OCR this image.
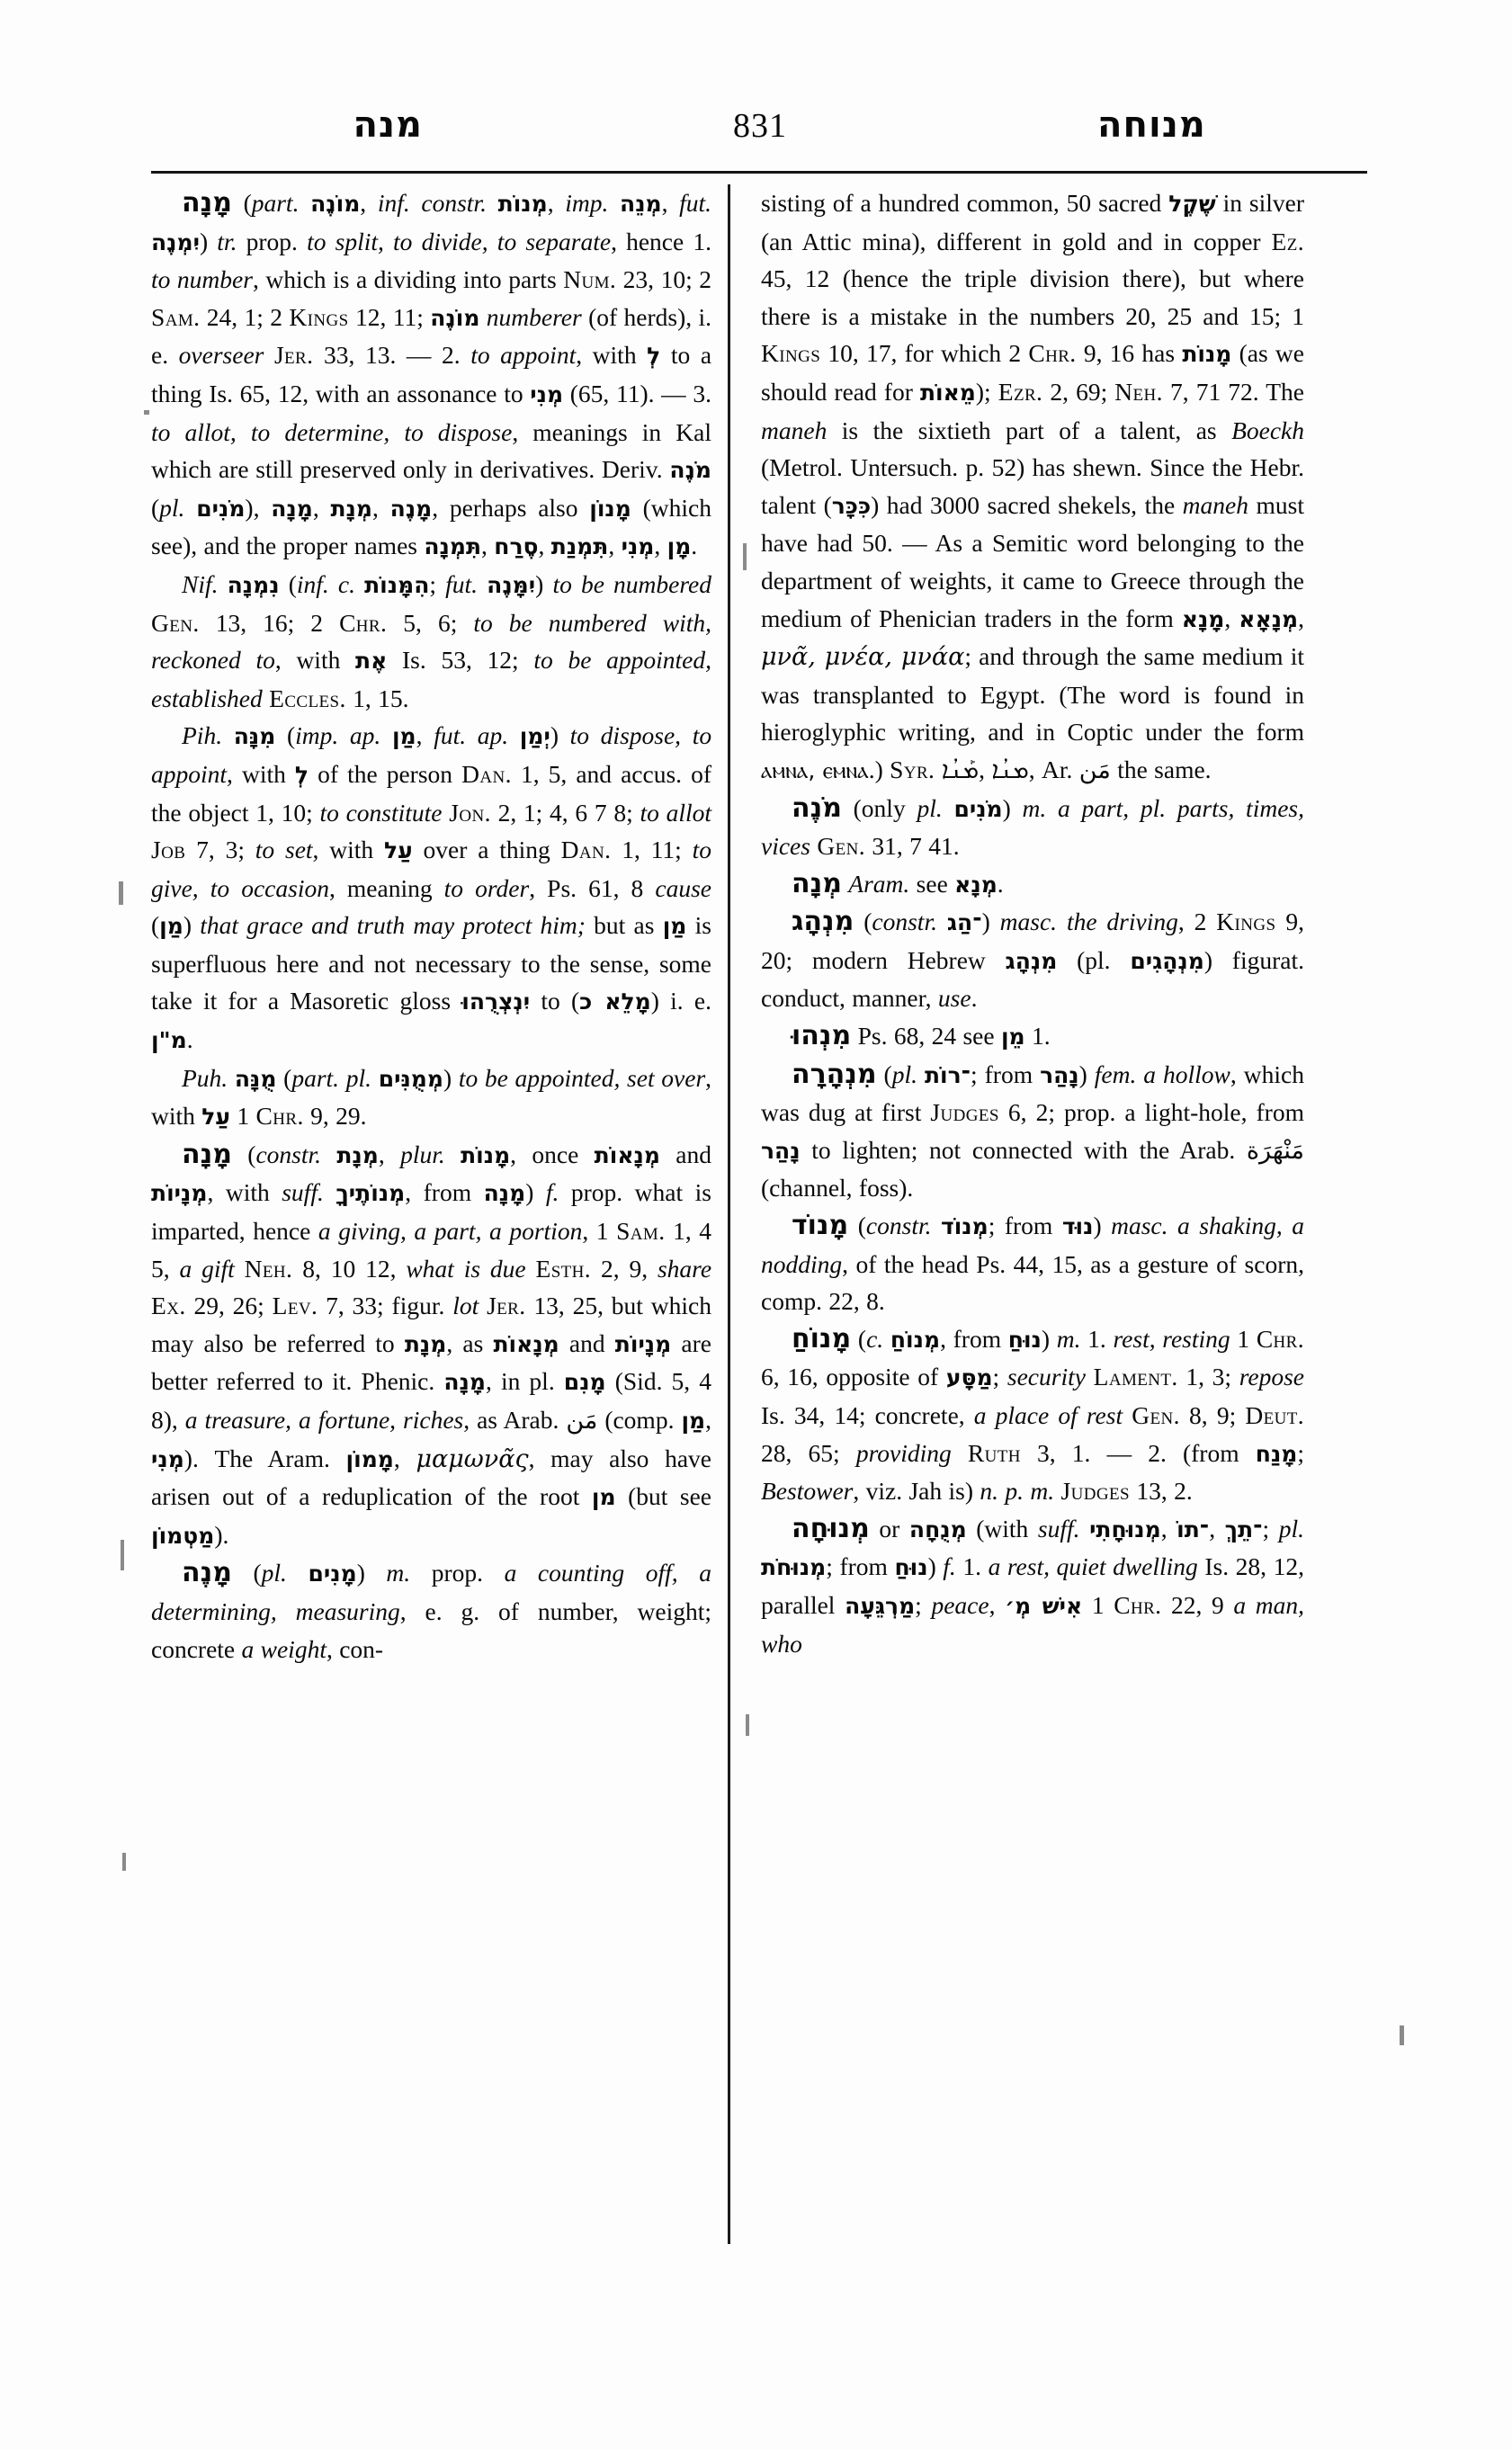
מנה	831	מנוחה

מָנָה (part. מוֹנֶה, inf. constr. מְנוֹת, imp. מְנֵה, fut. יִמְנֶה) tr. prop. to split, to divide, to separate, hence 1. to number, which is a dividing into parts Num. 23, 10; 2 Sam. 24, 1; 2 Kings 12, 11; מוֹנֶה numberer (of herds), i. e. overseer Jer. 33, 13. — 2. to appoint, with לְ to a thing Is. 65, 12, with an assonance to מְנִי (65, 11). — 3. to allot, to determine, to dispose, meanings in Kal which are still preserved only in derivatives. Deriv. מֹנֶה (pl. מֹנִים), מָנָה, מְנָת, מָנֶה, perhaps also מָנוֹן (which see), and the proper names תִּמְנָה, סֶרַח, תִּמְנַת, מְנִי, מָן.

Nif. נִמְנָה (inf. c. הִמָּנוֹת; fut. יִמָּנֶה) to be numbered Gen. 13, 16; 2 Chr. 5, 6; to be numbered with, reckoned to, with אֶת Is. 53, 12; to be appointed, established Eccles. 1, 15.

Pih. מִנָּה (imp. ap. מַן, fut. ap. יְמַן) to dispose, to appoint, with לְ of the person Dan. 1, 5, and accus. of the object 1, 10; to constitute Jon. 2, 1; 4, 6 7 8; to allot Job 7, 3; to set, with עַל over a thing Dan. 1, 11; to give, to occasion, meaning to order, Ps. 61, 8 cause (מַן) that grace and truth may protect him; but as מַן is superfluous here and not necessary to the sense, some take it for a Masoretic gloss יִנְצְרֻהוּ to (מָלֵא כ) i. e. מ"ן.

Puh. מֻנָּה (part. pl. מְמֻנִּים) to be appointed, set over, with עַל 1 Chr. 9, 29.

מָנָה (constr. מְנָת, plur. מָנוֹת, once מְנָאוֹת and מְנָיוֹת, with suff. מְנוֹתֶיךָ, from מָנָה) f. prop. what is imparted, hence a giving, a part, a portion, 1 Sam. 1, 4 5, a gift Neh. 8, 10 12, what is due Esth. 2, 9, share Ex. 29, 26; Lev. 7, 33; figur. lot Jer. 13, 25, but which may also be referred to מְנָת, as מְנָאוֹת and מְנָיוֹת are better referred to it. Phenic. מָנָה, in pl. מָנִם (Sid. 5, 4 8), a treasure, a fortune, riches, as Arab. مَن (comp. מַן, מְנִי). The Aram. מָמוֹן, μαμωνᾶς, may also have arisen out of a reduplication of the root מן (but see מַטְמוֹן).

מָנֶה (pl. מָנִים) m. prop. a counting off, a determining, measuring, e. g. of number, weight; concrete a weight, con-

sisting of a hundred common, 50 sacred שֶׁקֶל in silver (an Attic mina), different in gold and in copper Ez. 45, 12 (hence the triple division there), but where there is a mistake in the numbers 20, 25 and 15; 1 Kings 10, 17, for which 2 Chr. 9, 16 has מָנוֹת (as we should read for מֵאוֹת); Ezr. 2, 69; Neh. 7, 71 72. The maneh is the sixtieth part of a talent, as Boeckh (Metrol. Untersuch. p. 52) has shewn. Since the Hebr. talent (כִּכָּר) had 3000 sacred shekels, the maneh must have had 50. — As a Semitic word belonging to the department of weights, it came to Greece through the medium of Phenician traders in the form מָנָא, מְנָאָא, μνᾶ, μνέα, μνάα; and through the same medium it was transplanted to Egypt. (The word is found in hieroglyphic writing, and in Coptic under the form ⲁⲙⲛⲁ, ⲉⲙⲛⲁ.) Syr. ܡܰܢܳܐ, ܡܢܳܐ, Ar. مَن the same.

מֹנֶה (only pl. מֹנִים) m. a part, pl. parts, times, vices Gen. 31, 7 41.

מְנָה Aram. see מְנָא.

מִנְהָג (constr. ־הַג) masc. the driving, 2 Kings 9, 20; modern Hebrew מִנְהָג (pl. מִנְהָגִים) figurat. conduct, manner, use.

מִנְהוּ Ps. 68, 24 see מֵן 1.

מִנְהָרָה (pl. ־רוֹת; from נָהַר) fem. a hollow, which was dug at first Judges 6, 2; prop. a light-hole, from נָהַר to lighten; not connected with the Arab. مَنْهَرَة (channel, foss).

מָנוֹד (constr. מְנוֹד; from נוּד) masc. a shaking, a nodding, of the head Ps. 44, 15, as a gesture of scorn, comp. 22, 8.

מָנוֹחַ (c. מְנוֹחַ, from נוּחַ) m. 1. rest, resting 1 Chr. 6, 16, opposite of מַסָּע; security Lament. 1, 3; repose Is. 34, 14; concrete, a place of rest Gen. 8, 9; Deut. 28, 65; providing Ruth 3, 1. — 2. (from מָנַח; Bestower, viz. Jah is) n. p. m. Judges 13, 2.

מְנוּחָה or מְנֻחָה (with suff. מְנוּחָתִי, ־תוֹ, ־תֵךְ; pl. מְנוּחֹת; from נוּחַ) f. 1. a rest, quiet dwelling Is. 28, 12, parallel מַרְגֵּעָה; peace, אִישׁ מְ׳ 1 Chr. 22, 9 a man, who
